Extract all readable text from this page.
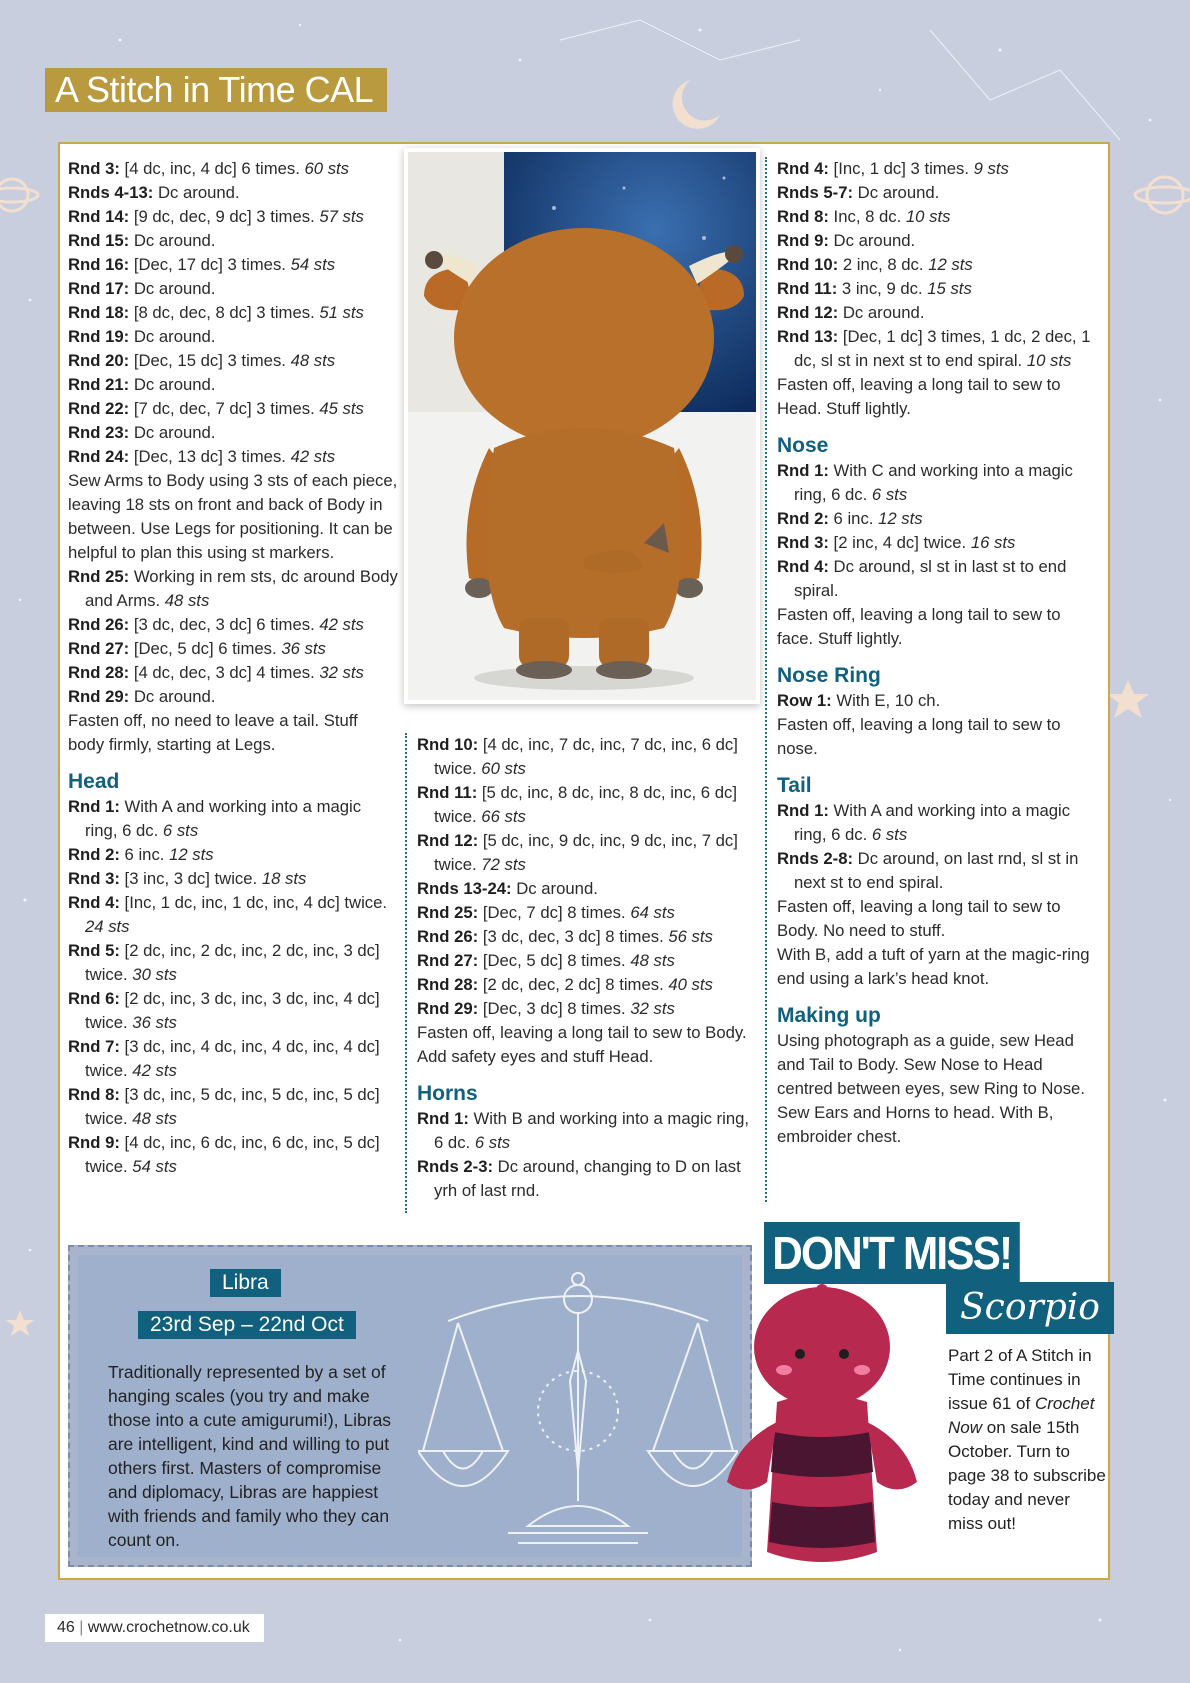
A Stitch in Time CAL

Rnd 3: [4 dc, inc, 4 dc] 6 times. 60 sts

Rnds 4-13: Dc around.

Rnd 14: [9 dc, dec, 9 dc] 3 times. 57 sts

Rnd 15: Dc around.

Rnd 16: [Dec, 17 dc] 3 times. 54 sts

Rnd 17: Dc around.

Rnd 18: [8 dc, dec, 8 dc] 3 times. 51 sts

Rnd 19: Dc around.

Rnd 20: [Dec, 15 dc] 3 times. 48 sts

Rnd 21: Dc around.

Rnd 22: [7 dc, dec, 7 dc] 3 times. 45 sts

Rnd 23: Dc around.

Rnd 24: [Dec, 13 dc] 3 times. 42 sts

Sew Arms to Body using 3 sts of each piece, leaving 18 sts on front and back of Body in between. Use Legs for positioning. It can be helpful to plan this using st markers.

Rnd 25: Working in rem sts, dc around Body and Arms. 48 sts

Rnd 26: [3 dc, dec, 3 dc] 6 times. 42 sts

Rnd 27: [Dec, 5 dc] 6 times. 36 sts

Rnd 28: [4 dc, dec, 3 dc] 4 times. 32 sts

Rnd 29: Dc around.

Fasten off, no need to leave a tail. Stuff body firmly, starting at Legs.

Head

Rnd 1: With A and working into a magic ring, 6 dc. 6 sts

Rnd 2: 6 inc. 12 sts

Rnd 3: [3 inc, 3 dc] twice. 18 sts

Rnd 4: [Inc, 1 dc, inc, 1 dc, inc, 4 dc] twice. 24 sts

Rnd 5: [2 dc, inc, 2 dc, inc, 2 dc, inc, 3 dc] twice. 30 sts

Rnd 6: [2 dc, inc, 3 dc, inc, 3 dc, inc, 4 dc] twice. 36 sts

Rnd 7: [3 dc, inc, 4 dc, inc, 4 dc, inc, 4 dc] twice. 42 sts

Rnd 8: [3 dc, inc, 5 dc, inc, 5 dc, inc, 5 dc] twice. 48 sts

Rnd 9: [4 dc, inc, 6 dc, inc, 6 dc, inc, 5 dc] twice. 54 sts

Rnd 10: [4 dc, inc, 7 dc, inc, 7 dc, inc, 6 dc] twice. 60 sts

Rnd 11: [5 dc, inc, 8 dc, inc, 8 dc, inc, 6 dc] twice. 66 sts

Rnd 12: [5 dc, inc, 9 dc, inc, 9 dc, inc, 7 dc] twice. 72 sts

Rnds 13-24: Dc around.

Rnd 25: [Dec, 7 dc] 8 times. 64 sts

Rnd 26: [3 dc, dec, 3 dc] 8 times. 56 sts

Rnd 27: [Dec, 5 dc] 8 times. 48 sts

Rnd 28: [2 dc, dec, 2 dc] 8 times. 40 sts

Rnd 29: [Dec, 3 dc] 8 times. 32 sts

Fasten off, leaving a long tail to sew to Body. Add safety eyes and stuff Head.

Horns

Rnd 1: With B and working into a magic ring, 6 dc. 6 sts

Rnds 2-3: Dc around, changing to D on last yrh of last rnd.

Rnd 4: [Inc, 1 dc] 3 times. 9 sts

Rnds 5-7: Dc around.

Rnd 8: Inc, 8 dc. 10 sts

Rnd 9: Dc around.

Rnd 10: 2 inc, 8 dc. 12 sts

Rnd 11: 3 inc, 9 dc. 15 sts

Rnd 12: Dc around.

Rnd 13: [Dec, 1 dc] 3 times, 1 dc, 2 dec, 1 dc, sl st in next st to end spiral. 10 sts

Fasten off, leaving a long tail to sew to Head. Stuff lightly.

Nose

Rnd 1: With C and working into a magic ring, 6 dc. 6 sts

Rnd 2: 6 inc. 12 sts

Rnd 3: [2 inc, 4 dc] twice. 16 sts

Rnd 4: Dc around, sl st in last st to end spiral.

Fasten off, leaving a long tail to sew to face. Stuff lightly.

Nose Ring

Row 1: With E, 10 ch.

Fasten off, leaving a long tail to sew to nose.

Tail

Rnd 1: With A and working into a magic ring, 6 dc. 6 sts

Rnds 2-8: Dc around, on last rnd, sl st in next st to end spiral.

Fasten off, leaving a long tail to sew to Body. No need to stuff.

With B, add a tuft of yarn at the magic-ring end using a lark’s head knot.

Making up

Using photograph as a guide, sew Head and Tail to Body. Sew Nose to Head centred between eyes, sew Ring to Nose. Sew Ears and Horns to head. With B, embroider chest.

Libra
23rd Sep – 22nd Oct
Traditionally represented by a set of hanging scales (you try and make those into a cute amigurumi!), Libras are intelligent, kind and willing to put others first. Masters of compromise and diplomacy, Libras are happiest with friends and family who they can count on.
DON'T MISS!
Scorpio
Part 2 of A Stitch in Time continues in issue 61 of Crochet Now on sale 15th October. Turn to page 38 to subscribe today and never miss out!
46 | www.crochetnow.co.uk
